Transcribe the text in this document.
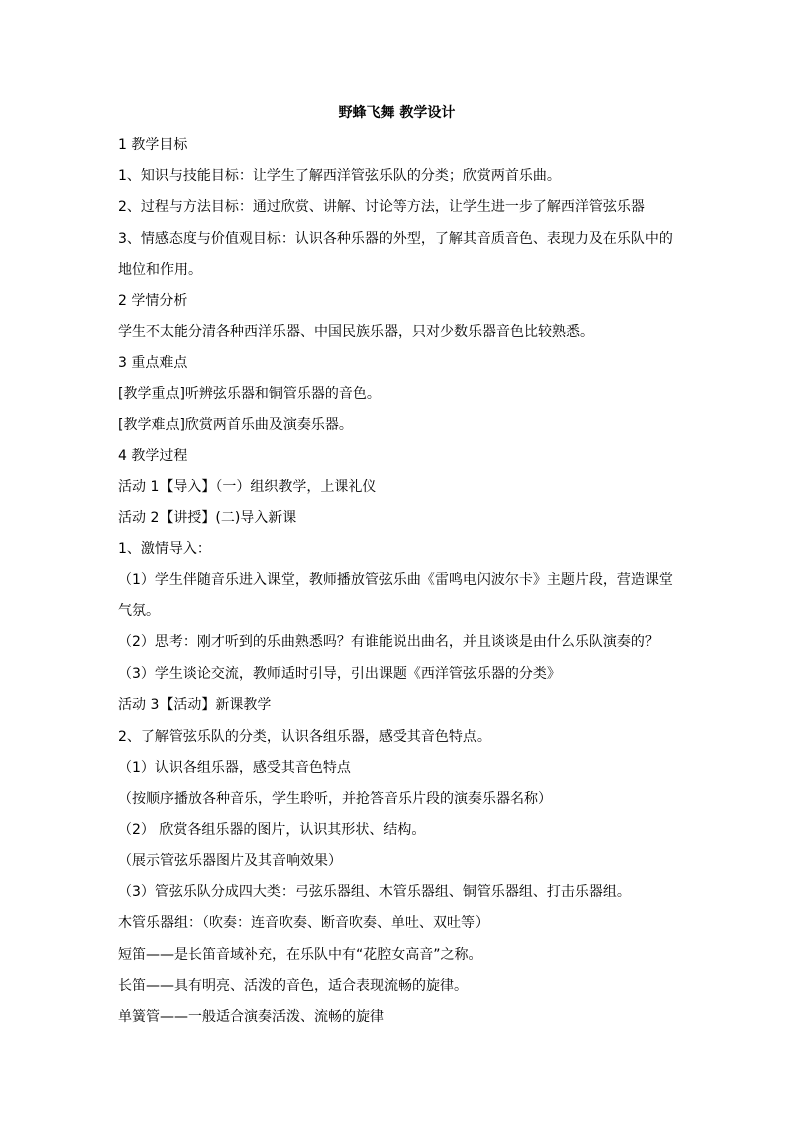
野蜂飞舞 教学设计
1 教学目标
1、知识与技能目标：让学生了解西洋管弦乐队的分类；欣赏两首乐曲。
2、过程与方法目标：通过欣赏、讲解、讨论等方法，让学生进一步了解西洋管弦乐器
3、情感态度与价值观目标：认识各种乐器的外型，了解其音质音色、表现力及在乐队中的
地位和作用。
2 学情分析
学生不太能分清各种西洋乐器、中国民族乐器，只对少数乐器音色比较熟悉。
3 重点难点
[教学重点]听辨弦乐器和铜管乐器的音色。
[教学难点]欣赏两首乐曲及演奏乐器。
4 教学过程
活动 1【导入】（一）组织教学，上课礼仪
活动 2【讲授】(二)导入新课
1、激情导入：
（1）学生伴随音乐进入课堂，教师播放管弦乐曲《雷鸣电闪波尔卡》主题片段，营造课堂
气氛。
（2）思考：刚才听到的乐曲熟悉吗？有谁能说出曲名，并且谈谈是由什么乐队演奏的？
（3）学生谈论交流，教师适时引导，引出课题《西洋管弦乐器的分类》
活动 3【活动】新课教学
2、了解管弦乐队的分类，认识各组乐器，感受其音色特点。
（1）认识各组乐器，感受其音色特点
（按顺序播放各种音乐，学生聆听，并抢答音乐片段的演奏乐器名称）
（2） 欣赏各组乐器的图片，认识其形状、结构。
（展示管弦乐器图片及其音响效果）
（3）管弦乐队分成四大类：弓弦乐器组、木管乐器组、铜管乐器组、打击乐器组。
木管乐器组：（吹奏：连音吹奏、断音吹奏、单吐、双吐等）
短笛——是长笛音域补充，在乐队中有“花腔女高音”之称。
长笛——具有明亮、活泼的音色，适合表现流畅的旋律。
单簧管——一般适合演奏活泼、流畅的旋律
